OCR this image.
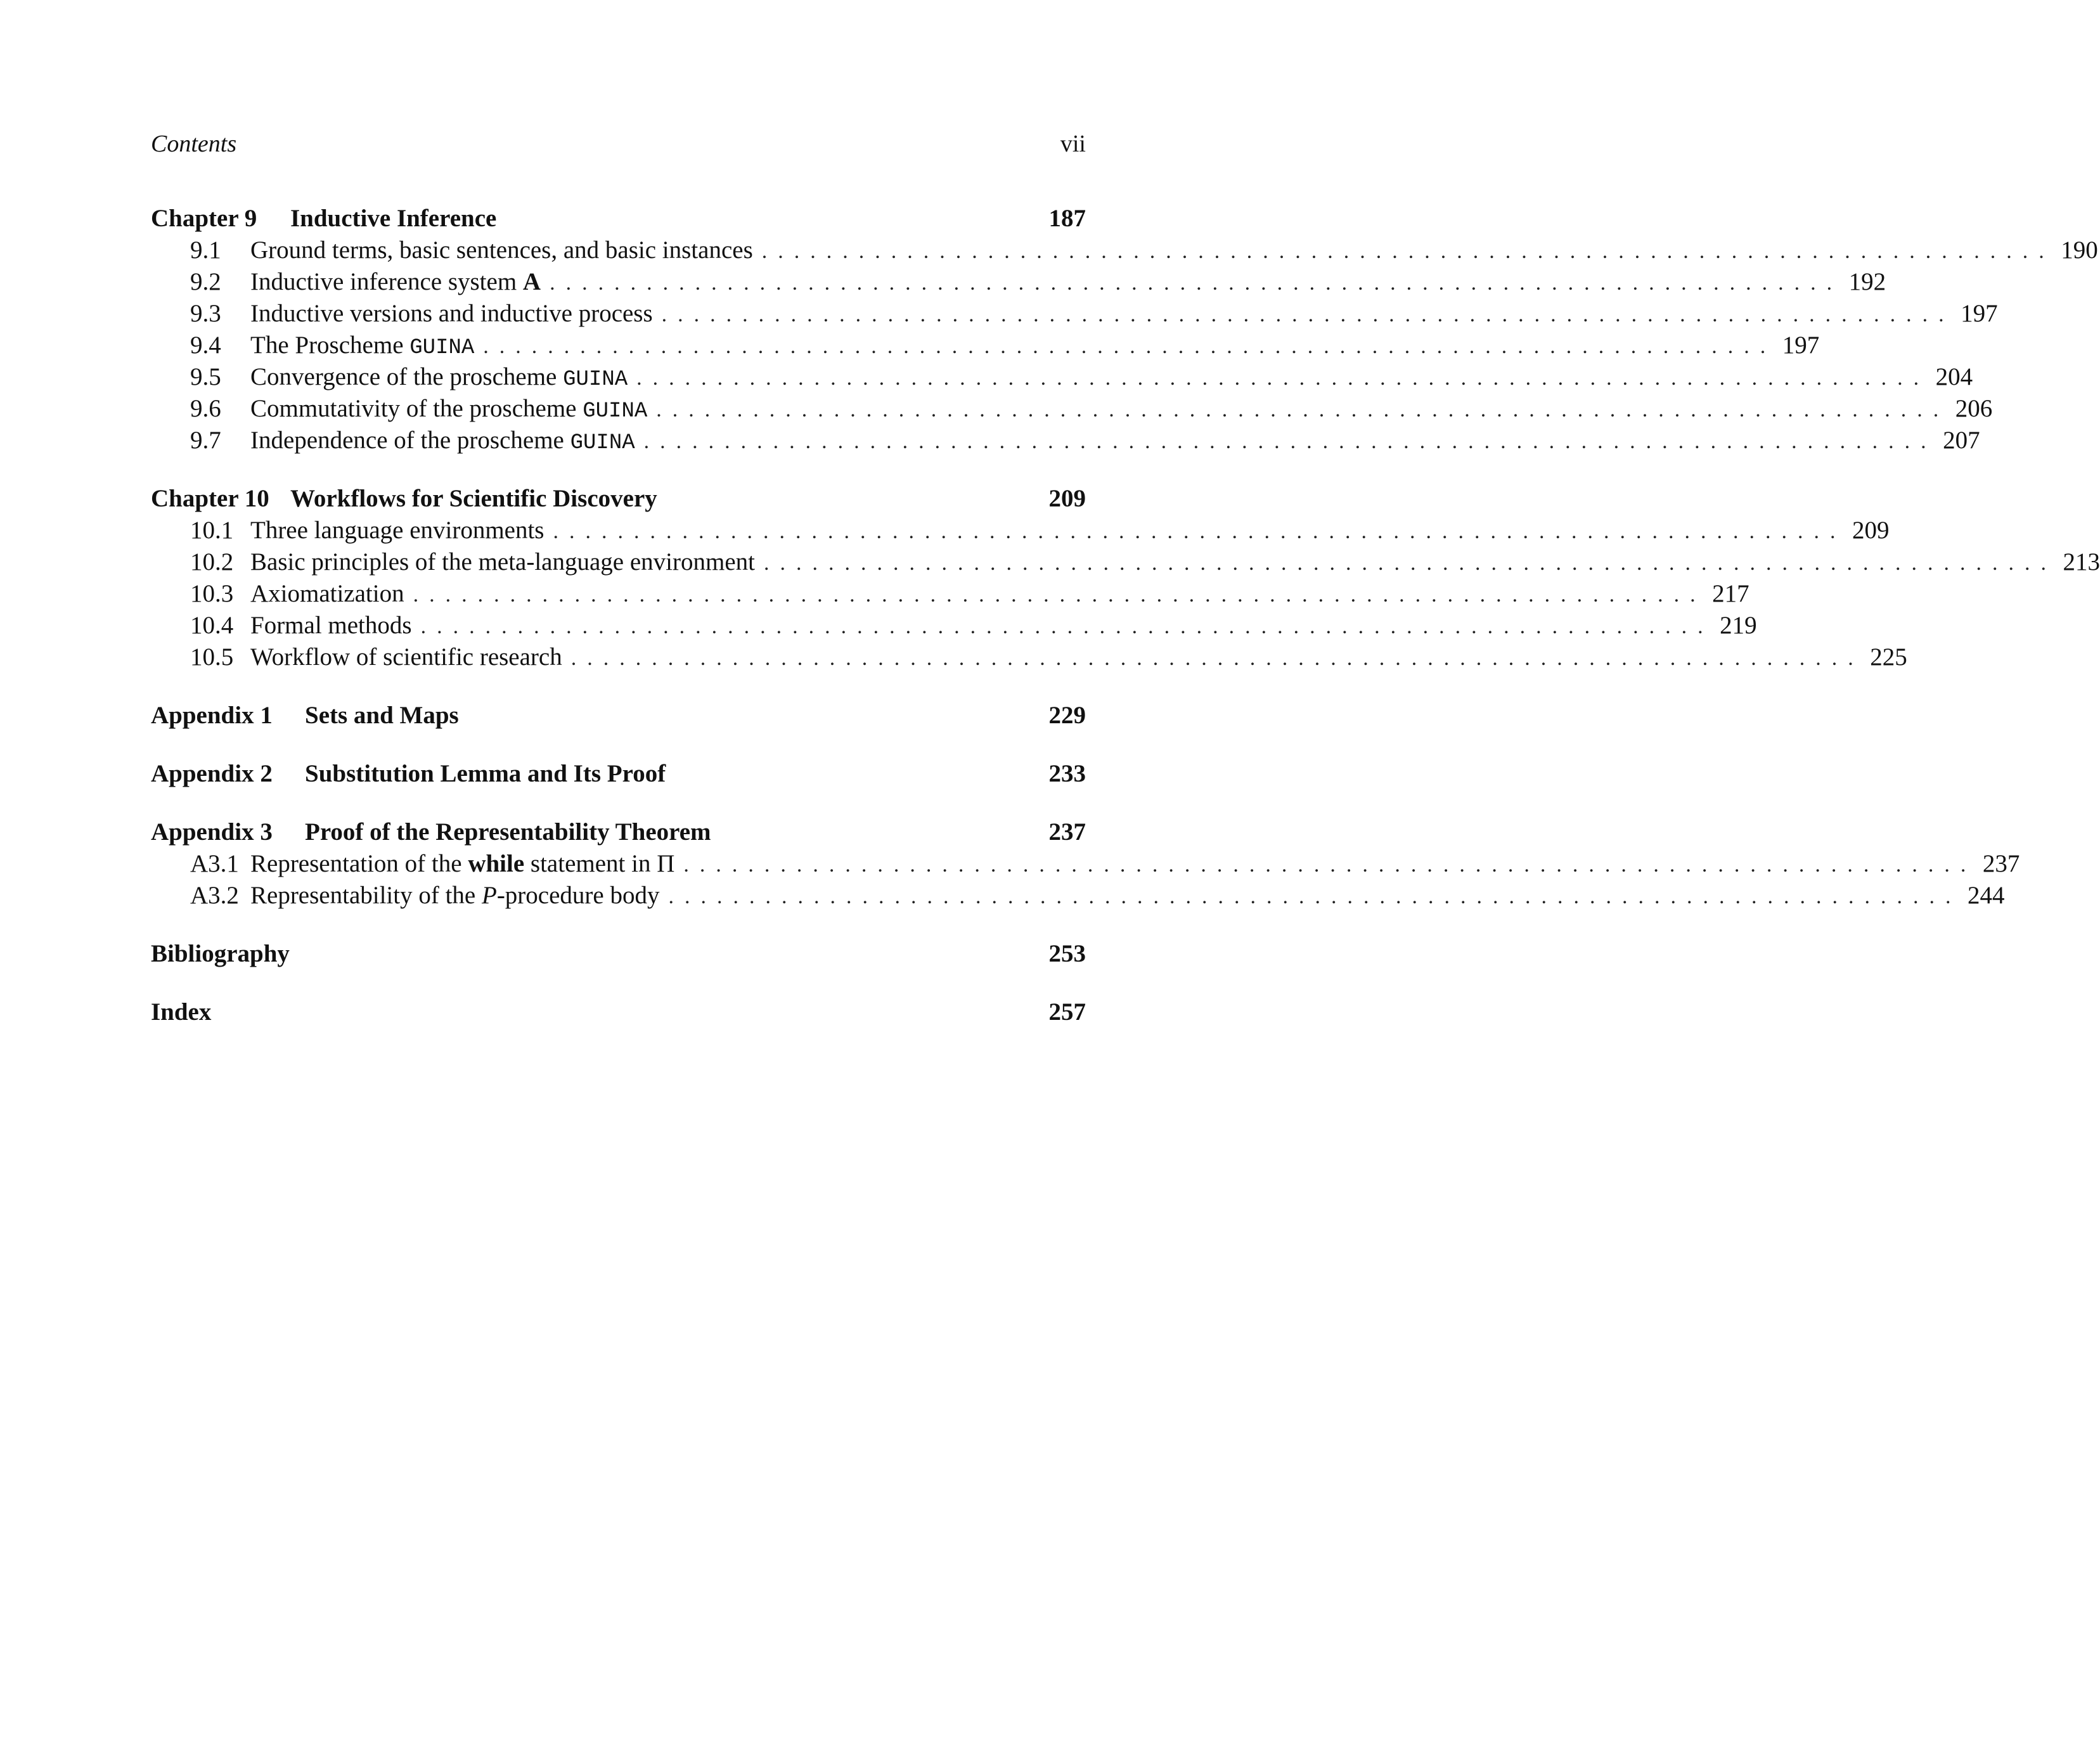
Contents	vii
Chapter 9	Inductive Inference	187
9.1	Ground terms, basic sentences, and basic instances ................................................................................ 190
9.2	Inductive inference system A ................................................................................ 192
9.3	Inductive versions and inductive process ................................................................................ 197
9.4	The Proscheme GUINA ................................................................................ 197
9.5	Convergence of the proscheme GUINA ................................................................................ 204
9.6	Commutativity of the proscheme GUINA ................................................................................ 206
9.7	Independence of the proscheme GUINA ................................................................................ 207
Chapter 10 Workflows for Scientific Discovery	209
10.1 Three language environments ................................................................................ 209
10.2 Basic principles of the meta-language environment ................................................................................ 213
10.3 Axiomatization ................................................................................ 217
10.4 Formal methods ................................................................................ 219
10.5 Workflow of scientific research ................................................................................ 225
Appendix 1	Sets and Maps	229
Appendix 2	Substitution Lemma and Its Proof	233
Appendix 3	Proof of the Representability Theorem	237
A3.1 Representation of the while statement in Π ................................................................................ 237
A3.2 Representability of the P-procedure body ................................................................................ 244
Bibliography	253
Index	257
